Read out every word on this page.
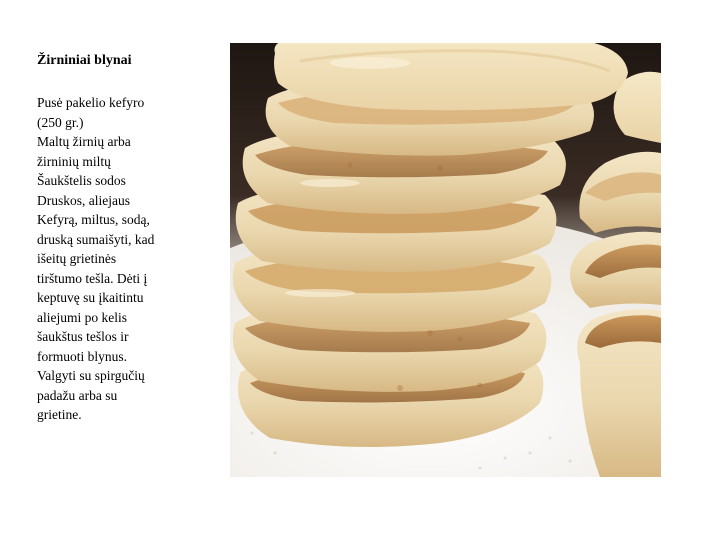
Žirniniai blynai
Pusė pakelio kefyro
(250 gr.)
Maltų žirnių arba
žirninių miltų
Šaukštelis sodos
Druskos, aliejaus
Kefyrą, miltus, sodą,
druską sumaišyti, kad
išeitų grietinės
tirštumo tešla. Dėti į
keptuvę su įkaitintu
aliejumi po kelis
šaukštus tešlos ir
formuoti blynus.
Valgyti su spirgučių
padažu arba su
grietine.
